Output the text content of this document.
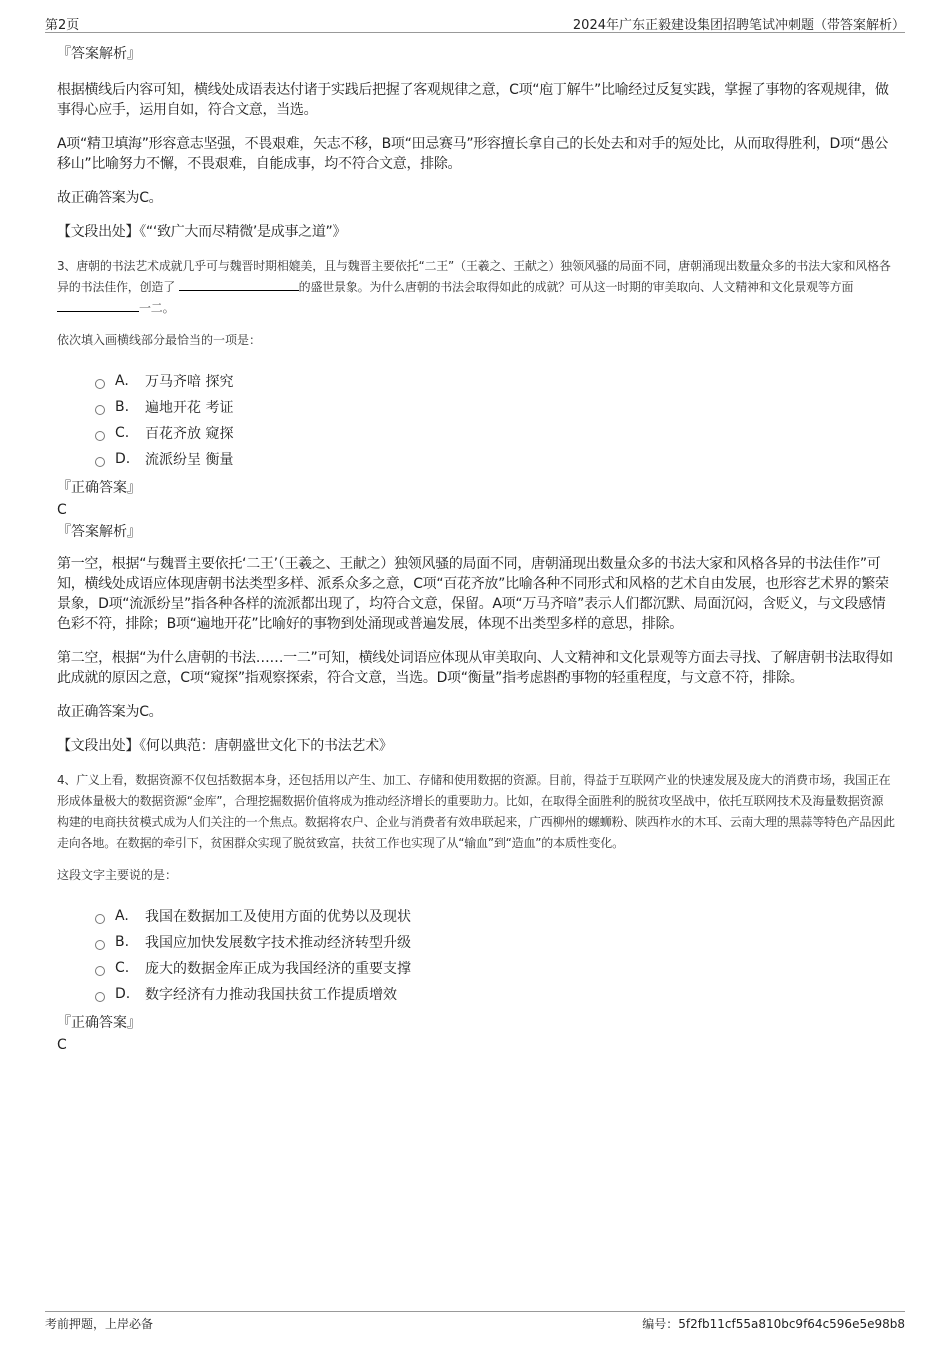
第2页	2024年广东正毅建设集团招聘笔试冲刺题（带答案解析）
『答案解析』

根据横线后内容可知，横线处成语表达付诸于实践后把握了客观规律之意，C项“庖丁解牛”比喻经过反复实践，掌握了事物的客观规律，做事得心应手，运用自如，符合文意，当选。

A项“精卫填海”形容意志坚强，不畏艰难，矢志不移，B项“田忌赛马”形容擅长拿自己的长处去和对手的短处比，从而取得胜利，D项“愚公移山”比喻努力不懈，不畏艰难，自能成事，均不符合文意，排除。

故正确答案为C。

【文段出处】《“‘致广大而尽精微’是成事之道”》

3、唐朝的书法艺术成就几乎可与魏晋时期相媲美，且与魏晋主要依托“二王”（王羲之、王献之）独领风骚的局面不同，唐朝涌现出数量众多的书法大家和风格各异的书法佳作，创造了	的盛世景象。为什么唐朝的书法会取得如此的成就？可从这一时期的审美取向、人文精神和文化景观等方面 一二。
依次填入画横线部分最恰当的一项是：
A.	万马齐喑 探究
B.	遍地开花 考证
C.	百花齐放 窥探
D.	流派纷呈 衡量
『正确答案』
C
『答案解析』

第一空，根据“与魏晋主要依托‘二王’（王羲之、王献之）独领风骚的局面不同，唐朝涌现出数量众多的书法大家和风格各异的书法佳作”可知，横线处成语应体现唐朝书法类型多样、派系众多之意，C项“百花齐放”比喻各种不同形式和风格的艺术自由发展，也形容艺术界的繁荣景象，D项“流派纷呈”指各种各样的流派都出现了，均符合文意，保留。A项“万马齐喑”表示人们都沉默、局面沉闷，含贬义，与文段感情色彩不符，排除；B项“遍地开花”比喻好的事物到处涌现或普遍发展，体现不出类型多样的意思，排除。

第二空，根据“为什么唐朝的书法……一二”可知，横线处词语应体现从审美取向、人文精神和文化景观等方面去寻找、了解唐朝书法取得如此成就的原因之意，C项“窥探”指观察探索，符合文意，当选。D项“衡量”指考虑斟酌事物的轻重程度，与文意不符，排除。

故正确答案为C。

【文段出处】《何以典范：唐朝盛世文化下的书法艺术》

4、广义上看，数据资源不仅包括数据本身，还包括用以产生、加工、存储和使用数据的资源。目前，得益于互联网产业的快速发展及庞大的消费市场，我国正在形成体量极大的数据资源“金库”，合理挖掘数据价值将成为推动经济增长的重要助力。比如，在取得全面胜利的脱贫攻坚战中，依托互联网技术及海量数据资源构建的电商扶贫模式成为人们关注的一个焦点。数据将农户、企业与消费者有效串联起来，广西柳州的螺蛳粉、陕西柞水的木耳、云南大理的黑蒜等特色产品因此走向各地。在数据的牵引下，贫困群众实现了脱贫致富，扶贫工作也实现了从“输血”到“造血”的本质性变化。
这段文字主要说的是：
A.	我国在数据加工及使用方面的优势以及现状
B.	我国应加快发展数字技术推动经济转型升级
C.	庞大的数据金库正成为我国经济的重要支撑
D.	数字经济有力推动我国扶贫工作提质增效
『正确答案』
C
考前押题，上岸必备	编号：5f2fb11cf55a810bc9f64c596e5e98b8
